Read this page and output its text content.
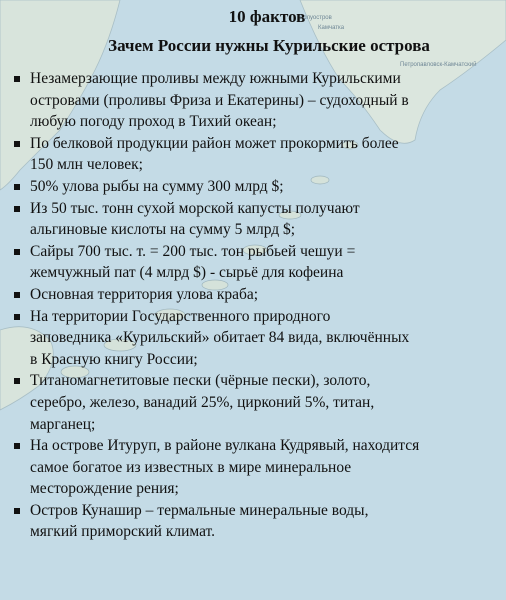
полуостров
Камчатка
Петропавловск-Камчатский
10 фактов
Зачем России нужны Курильские острова
Незамерзающие проливы между южными Курильскими
островами (проливы Фриза и Екатерины) – судоходный в
любую погоду проход в Тихий океан;
По белковой продукции район может прокормить более
150 млн человек;
50% улова рыбы на сумму 300 млрд $;
Из 50 тыс. тонн сухой морской капусты получают
альгиновые кислоты на сумму 5 млрд $;
Сайры 700 тыс. т. = 200 тыс. тон рыбьей чешуи =
жемчужный пат (4 млрд $) - сырьё для кофеина
Основная территория улова краба;
На территории Государственного природного
заповедника «Курильский» обитает 84 вида, включённых
в Красную книгу России;
Титаномагнетитовые пески (чёрные пески), золото,
серебро, железо, ванадий 25%, цирконий 5%, титан,
марганец;
На острове Итуруп, в районе вулкана Кудрявый, находится
самое богатое из известных в мире минеральное
месторождение рения;
Остров Кунашир – термальные минеральные воды,
мягкий приморский климат.
